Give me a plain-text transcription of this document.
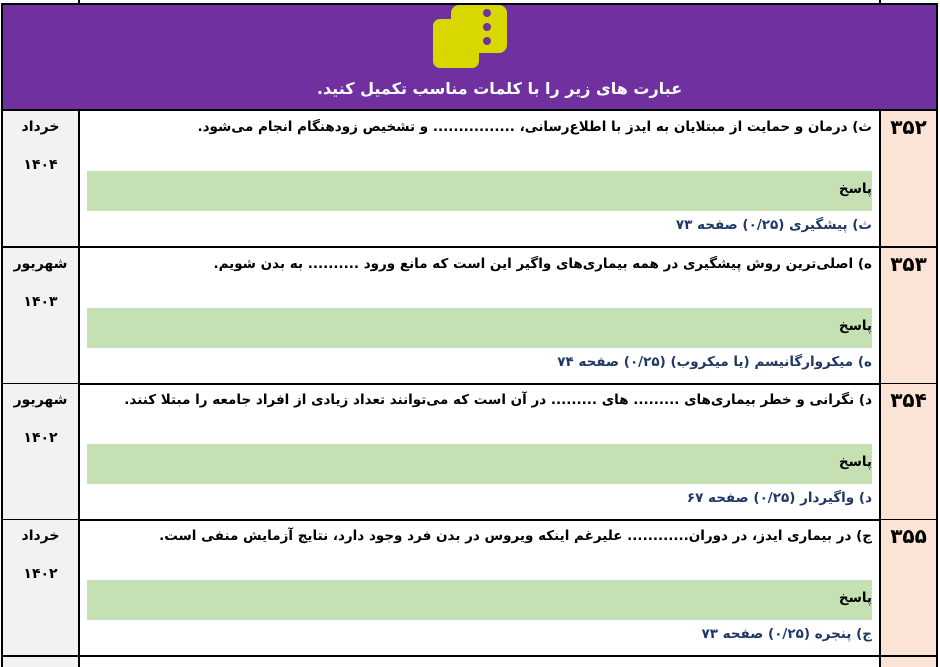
عبارت های زیر را با کلمات مناسب تکمیل کنید.
خرداد
۱۴۰۴
ث) درمان و حمایت از مبتلایان به ایدز با اطلاع‌رسانی، ................ و تشخیص زودهنگام انجام می‌شود.
پاسخ
ث) پیشگیری (۰/۲۵) صفحه ۷۳
۳۵۲
شهریور
۱۴۰۳
ه) اصلی‌ترین روش پیشگیری در همه بیماری‌های واگیر این است که مانع ورود .......... به بدن شویم.
پاسخ
ه) میکروارگانیسم (یا میکروب) (۰/۲۵) صفحه ۷۴
۳۵۳
شهریور
۱۴۰۲
د) نگرانی و خطر بیماری‌های ......... های ......... در آن است که می‌توانند تعداد زیادی از افراد جامعه را مبتلا کنند.
پاسخ
د) واگیردار (۰/۲۵) صفحه ۶۷
۳۵۴
خرداد
۱۴۰۲
ج) در بیماری ایدز، در دوران............ علیرغم اینکه ویروس در بدن فرد وجود دارد، نتایج آزمایش منفی است.
پاسخ
ج) پنجره (۰/۲۵) صفحه ۷۳
۳۵۵
